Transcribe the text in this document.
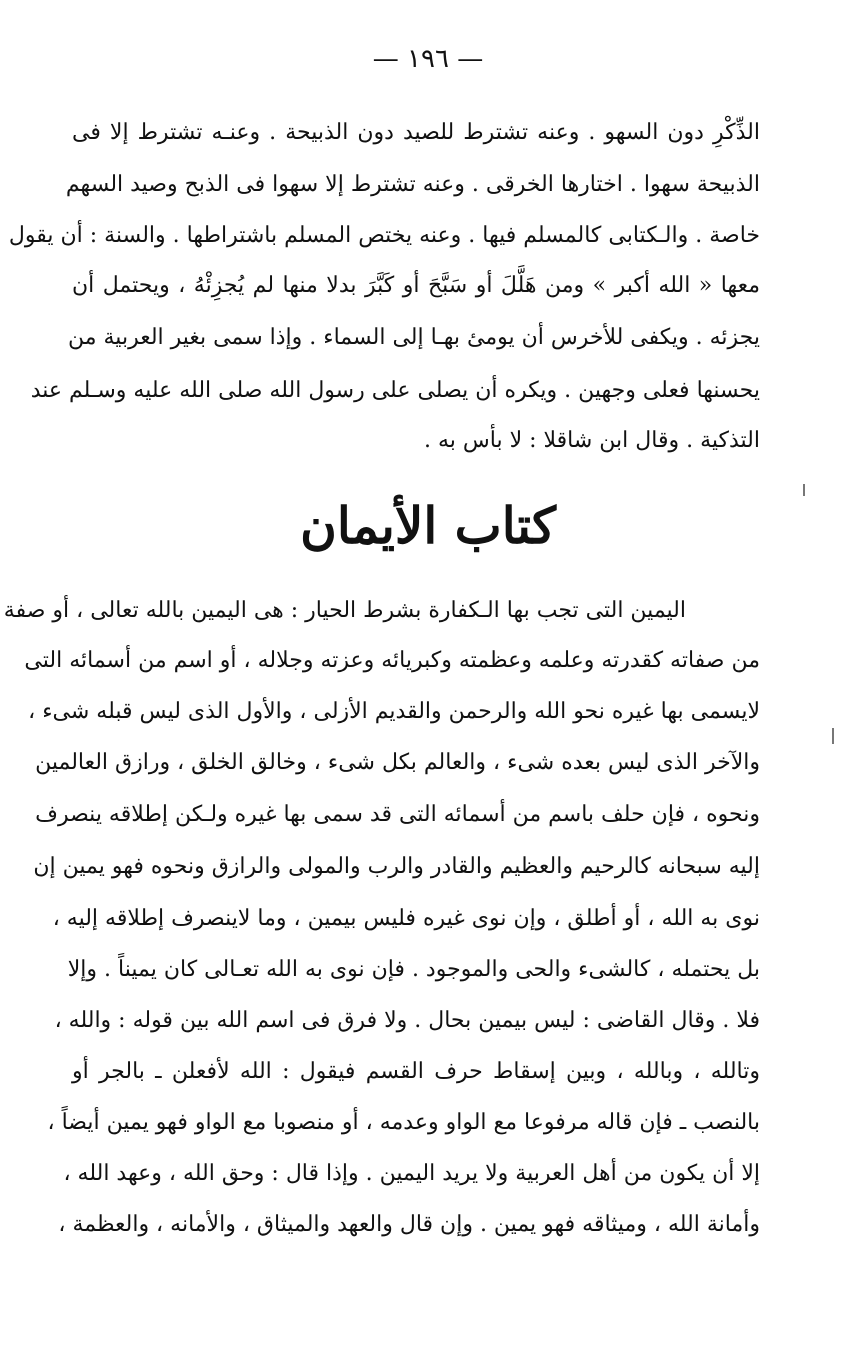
— ١٩٦ —

الذِّكْرِ دون السهو . وعنه تشترط للصيد دون الذبيحة . وعنـه تشترط إلا فى

الذبيحة سهوا . اختارها الخرقى . وعنه تشترط إلا سهوا فى الذبح وصيد السهم

خاصة . والـكتابى كالمسلم فيها . وعنه يختص المسلم باشتراطها . والسنة : أن يقول

معها « الله أكبر » ومن هَلَّلَ أو سَبَّحَ أو كَبَّرَ بدلا منها لم يُجزِئْهُ ، ويحتمل أن

يجزئه . ويكفى للأخرس أن يومئ بهـا إلى السماء . وإذا سمى بغير العربية من

يحسنها فعلى وجهين . ويكره أن يصلى على رسول الله صلى الله عليه وسـلم عند

التذكية . وقال ابن شاقلا : لا بأس به .

كتاب الأيمان

اليمين التى تجب بها الـكفارة بشرط الحيار : هى اليمين بالله تعالى ، أو صفة

من صفاته كقدرته وعلمه وعظمته وكبريائه وعزته وجلاله ، أو اسم من أسمائه التى

لايسمى بها غيره نحو الله والرحمن والقديم الأزلى ، والأول الذى ليس قبله شىء ،

والآخر الذى ليس بعده شىء ، والعالم بكل شىء ، وخالق الخلق ، ورازق العالمين

ونحوه ، فإن حلف باسم من أسمائه التى قد سمى بها غيره ولـكن إطلاقه ينصرف

إليه سبحانه كالرحيم والعظيم والقادر والرب والمولى والرازق ونحوه فهو يمين إن

نوى به الله ، أو أطلق ، وإن نوى غيره فليس بيمين ، وما لاينصرف إطلاقه إليه ،

بل يحتمله ، كالشىء والحى والموجود . فإن نوى به الله تعـالى كان يميناً . وإلا

فلا . وقال القاضى : ليس بيمين بحال . ولا فرق فى اسم الله بين قوله : والله ،

وتالله ، وبالله ، وبين إسقاط حرف القسم فيقول : الله لأفعلن ـ بالجر أو

بالنصب ـ فإن قاله مرفوعا مع الواو وعدمه ، أو منصوبا مع الواو فهو يمين أيضاً ،

إلا أن يكون من أهل العربية ولا يريد اليمين . وإذا قال : وحق الله ، وعهد الله ،

وأمانة الله ، وميثاقه فهو يمين . وإن قال والعهد والميثاق ، والأمانه ، والعظمة ،
